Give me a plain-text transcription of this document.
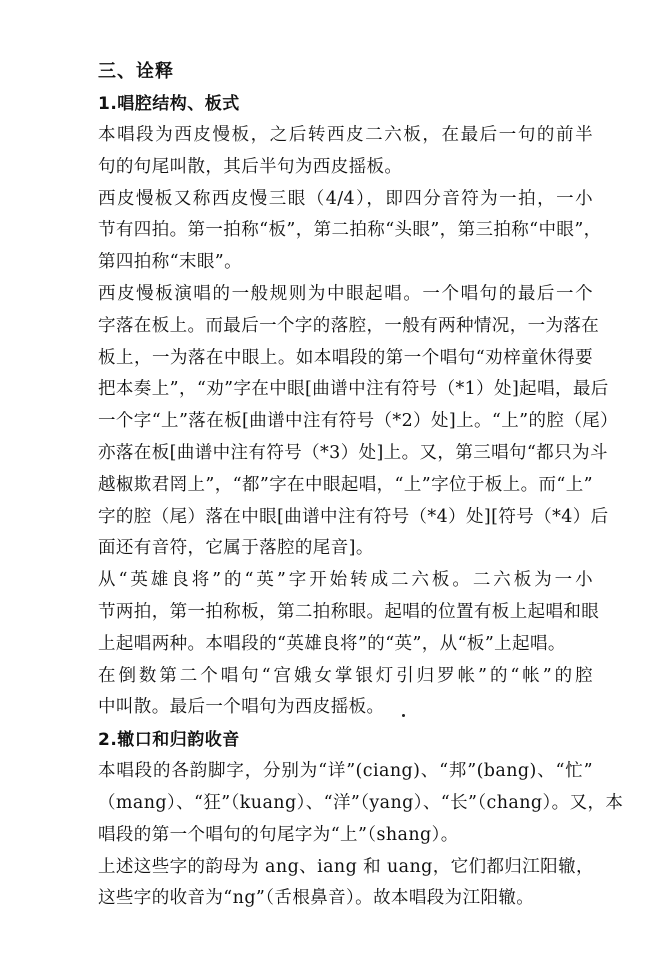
三、诠释
1.唱腔结构、板式

本唱段为西皮慢板，之后转西皮二六板，在最后一句的前半
句的句尾叫散，其后半句为西皮摇板。

西皮慢板又称西皮慢三眼（4/4），即四分音符为一拍，一小
节有四拍。第一拍称“板”，第二拍称“头眼”，第三拍称“中眼”，
第四拍称“末眼”。

西皮慢板演唱的一般规则为中眼起唱。一个唱句的最后一个
字落在板上。而最后一个字的落腔，一般有两种情况，一为落在
板上，一为落在中眼上。如本唱段的第一个唱句“劝梓童休得要
把本奏上”，“劝”字在中眼[曲谱中注有符号（*1）处]起唱，最后
一个字“上”落在板[曲谱中注有符号（*2）处]上。“上”的腔（尾）
亦落在板[曲谱中注有符号（*3）处]上。又，第三唱句“都只为斗
越椒欺君罔上”，“都”字在中眼起唱，“上”字位于板上。而“上”
字的腔（尾）落在中眼[曲谱中注有符号（*4）处][符号（*4）后
面还有音符，它属于落腔的尾音]。

从“英雄良将”的“英”字开始转成二六板。二六板为一小
节两拍，第一拍称板，第二拍称眼。起唱的位置有板上起唱和眼
上起唱两种。本唱段的“英雄良将”的“英”，从“板”上起唱。

在倒数第二个唱句“宫娥女掌银灯引归罗帐”的“帐”的腔
中叫散。最后一个唱句为西皮摇板。

2.辙口和归韵收音

本唱段的各韵脚字，分别为“详”(ciang)、“邦”(bang)、“忙”
（mang）、“狂”（kuang）、“洋”（yang）、“长”（chang）。又，本
唱段的第一个唱句的句尾字为“上”（shang）。

上述这些字的韵母为 ang、iang 和 uang，它们都归江阳辙，
这些字的收音为“ng”（舌根鼻音）。故本唱段为江阳辙。
